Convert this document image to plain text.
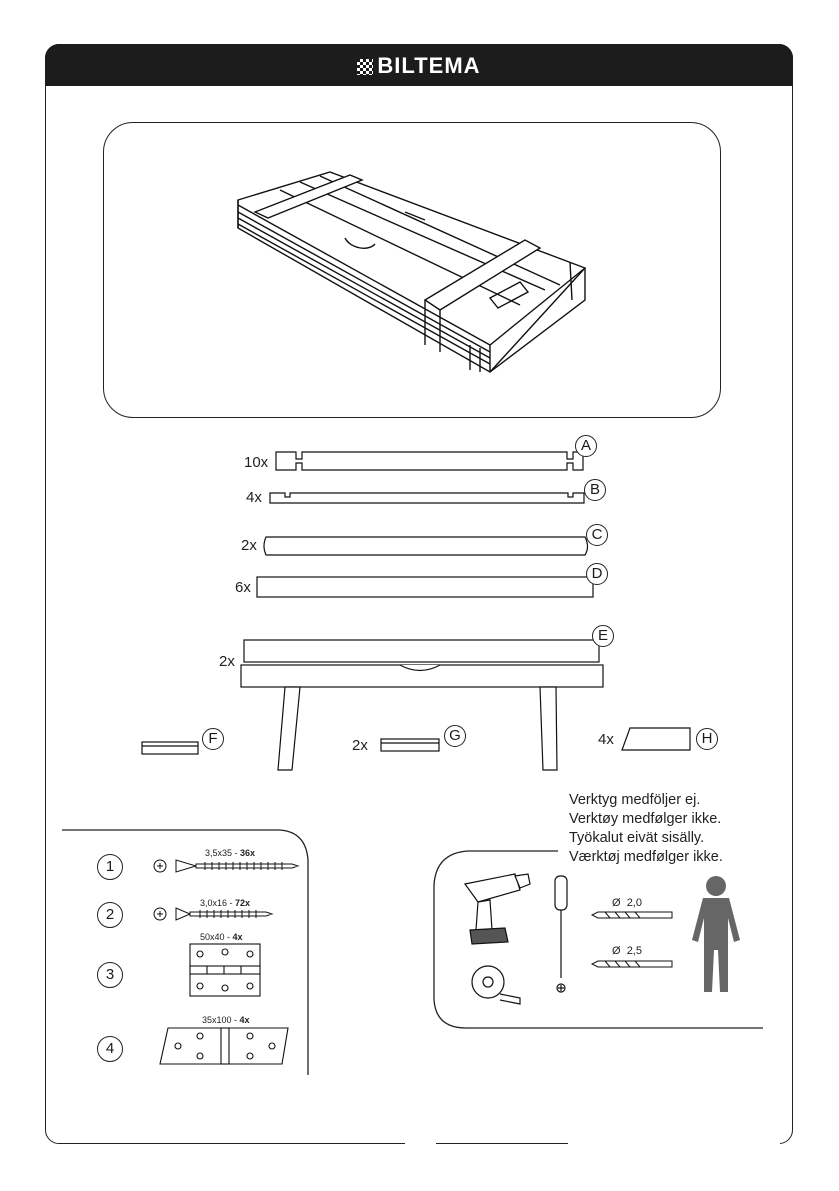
BILTEMA
10x
A
4x	B
2x
C
6x
D
2x
E
F	2x
G	4x	H
1
3,5x35 - 36x
2
3,0x16 - 72x
3
50x40 - 4x
4
35x100 - 4x
Verktyg medföljer ej.
Verktøy medfølger ikke.
Työkalut eivät sisälly.
Værktøj medfølger ikke.
Ø 2,0
Ø 2,5
